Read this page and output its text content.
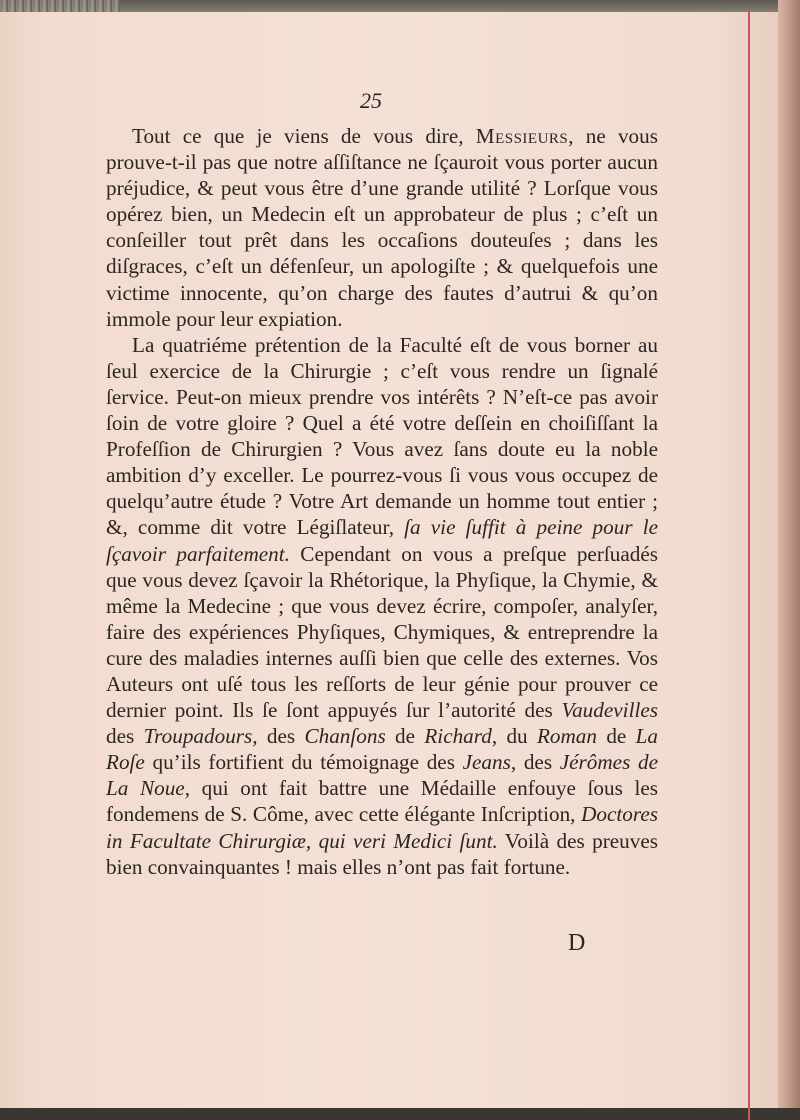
25

Tout ce que je viens de vous dire, Messieurs, ne vous prouve-t-il pas que notre aſſiſtance ne ſçauroit vous porter aucun préjudice, & peut vous être d’une grande utilité ? Lorſque vous opérez bien, un Medecin eſt un approbateur de plus ; c’eſt un conſeiller tout prêt dans les occaſions douteuſes ; dans les diſgraces, c’eſt un défenſeur, un apologiſte ; & quelquefois une victime innocente, qu’on charge des fautes d’autrui & qu’on immole pour leur expiation.

La quatriéme prétention de la Faculté eſt de vous borner au ſeul exercice de la Chirurgie ; c’eſt vous rendre un ſignalé ſervice. Peut-on mieux prendre vos intérêts ? N’eſt-ce pas avoir ſoin de votre gloire ? Quel a été votre deſſein en choiſiſſant la Profeſſion de Chirurgien ? Vous avez ſans doute eu la noble ambition d’y exceller. Le pourrez-vous ſi vous vous occupez de quelqu’autre étude ? Votre Art demande un homme tout entier ; &, comme dit votre Légiſlateur, ſa vie ſuffit à peine pour le ſçavoir parfaitement. Cependant on vous a preſque perſuadés que vous devez ſçavoir la Rhétorique, la Phyſique, la Chymie, & même la Medecine ; que vous devez écrire, compoſer, analyſer, faire des expériences Phyſiques, Chymiques, & entreprendre la cure des maladies internes auſſi bien que celle des externes. Vos Auteurs ont uſé tous les reſſorts de leur génie pour prouver ce dernier point. Ils ſe ſont appuyés ſur l’autorité des Vaudevilles des Troupadours, des Chanſons de Richard, du Roman de La Roſe qu’ils fortifient du témoignage des Jeans, des Jérômes de La Noue, qui ont fait battre une Médaille enfouye ſous les fondemens de S. Côme, avec cette élégante Inſcription, Doctores in Facultate Chirurgiæ, qui veri Medici ſunt. Voilà des preuves bien convainquantes ! mais elles n’ont pas fait fortune.

D
